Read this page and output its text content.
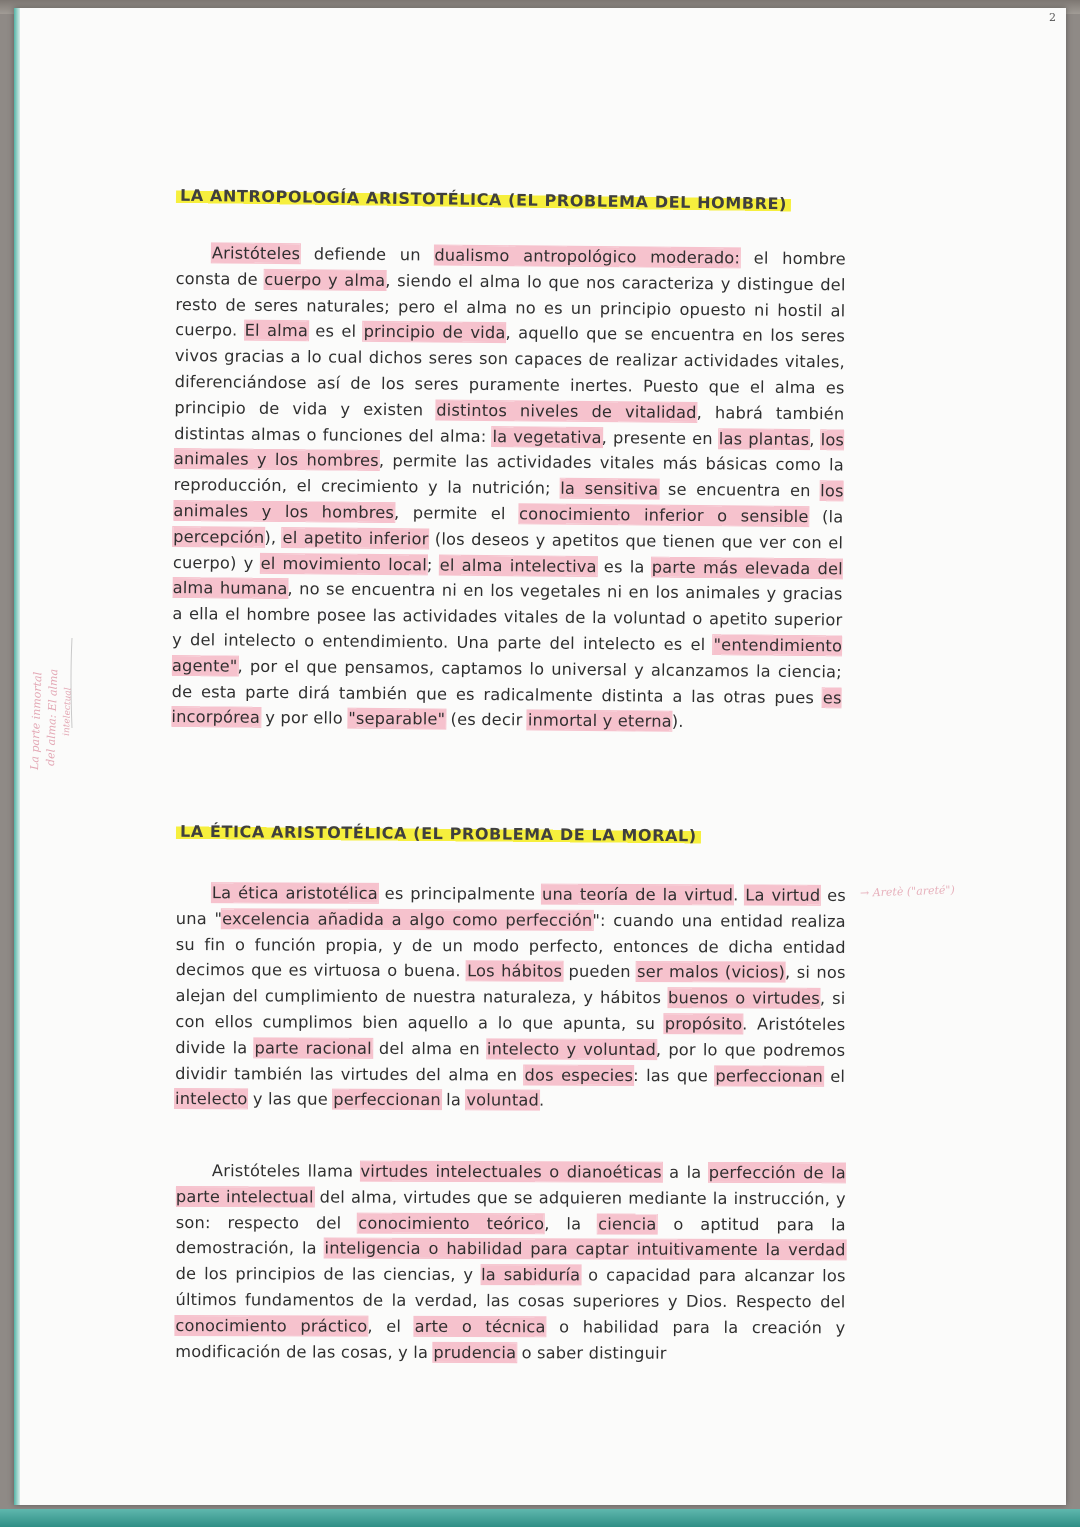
2
LA ANTROPOLOGÍA ARISTOTÉLICA (EL PROBLEMA DEL HOMBRE)

Aristóteles defiende un dualismo antropológico moderado: el hombre consta de cuerpo y alma, siendo el alma lo que nos caracteriza y distingue del resto de seres naturales; pero el alma no es un principio opuesto ni hostil al cuerpo. El alma es el principio de vida, aquello que se encuentra en los seres vivos gracias a lo cual dichos seres son capaces de realizar actividades vitales, diferenciándose así de los seres puramente inertes. Puesto que el alma es principio de vida y existen distintos niveles de vitalidad, habrá también distintas almas o funciones del alma: la vegetativa, presente en las plantas, los animales y los hombres, permite las actividades vitales más básicas como la reproducción, el crecimiento y la nutrición; la sensitiva se encuentra en los animales y los hombres, permite el conocimiento inferior o sensible (la percepción), el apetito inferior (los deseos y apetitos que tienen que ver con el cuerpo) y el movimiento local; el alma intelectiva es la parte más elevada del alma humana, no se encuentra ni en los vegetales ni en los animales y gracias a ella el hombre posee las actividades vitales de la voluntad o apetito superior y del intelecto o entendimiento. Una parte del intelecto es el "entendimiento agente", por el que pensamos, captamos lo universal y alcanzamos la ciencia; de esta parte dirá también que es radicalmente distinta a las otras pues es incorpórea y por ello "separable" (es decir inmortal y eterna).

LA ÉTICA ARISTOTÉLICA (EL PROBLEMA DE LA MORAL)

La ética aristotélica es principalmente una teoría de la virtud. La virtud es una "excelencia añadida a algo como perfección": cuando una entidad realiza su fin o función propia, y de un modo perfecto, entonces de dicha entidad decimos que es virtuosa o buena. Los hábitos pueden ser malos (vicios), si nos alejan del cumplimiento de nuestra naturaleza, y hábitos buenos o virtudes, si con ellos cumplimos bien aquello a lo que apunta, su propósito. Aristóteles divide la parte racional del alma en intelecto y voluntad, por lo que podremos dividir también las virtudes del alma en dos especies: las que perfeccionan el intelecto y las que perfeccionan la voluntad.

Aristóteles llama virtudes intelectuales o dianoéticas a la perfección de la parte intelectual del alma, virtudes que se adquieren mediante la instrucción, y son: respecto del conocimiento teórico, la ciencia o aptitud para la demostración, la inteligencia o habilidad para captar intuitivamente la verdad de los principios de las ciencias, y la sabiduría o capacidad para alcanzar los últimos fundamentos de la verdad, las cosas superiores y Dios. Respecto del conocimiento práctico, el arte o técnica o habilidad para la creación y modificación de las cosas, y la prudencia o saber distinguir

La parte inmortal del alma: El alma intelectual
→ Aretè ("areté")
